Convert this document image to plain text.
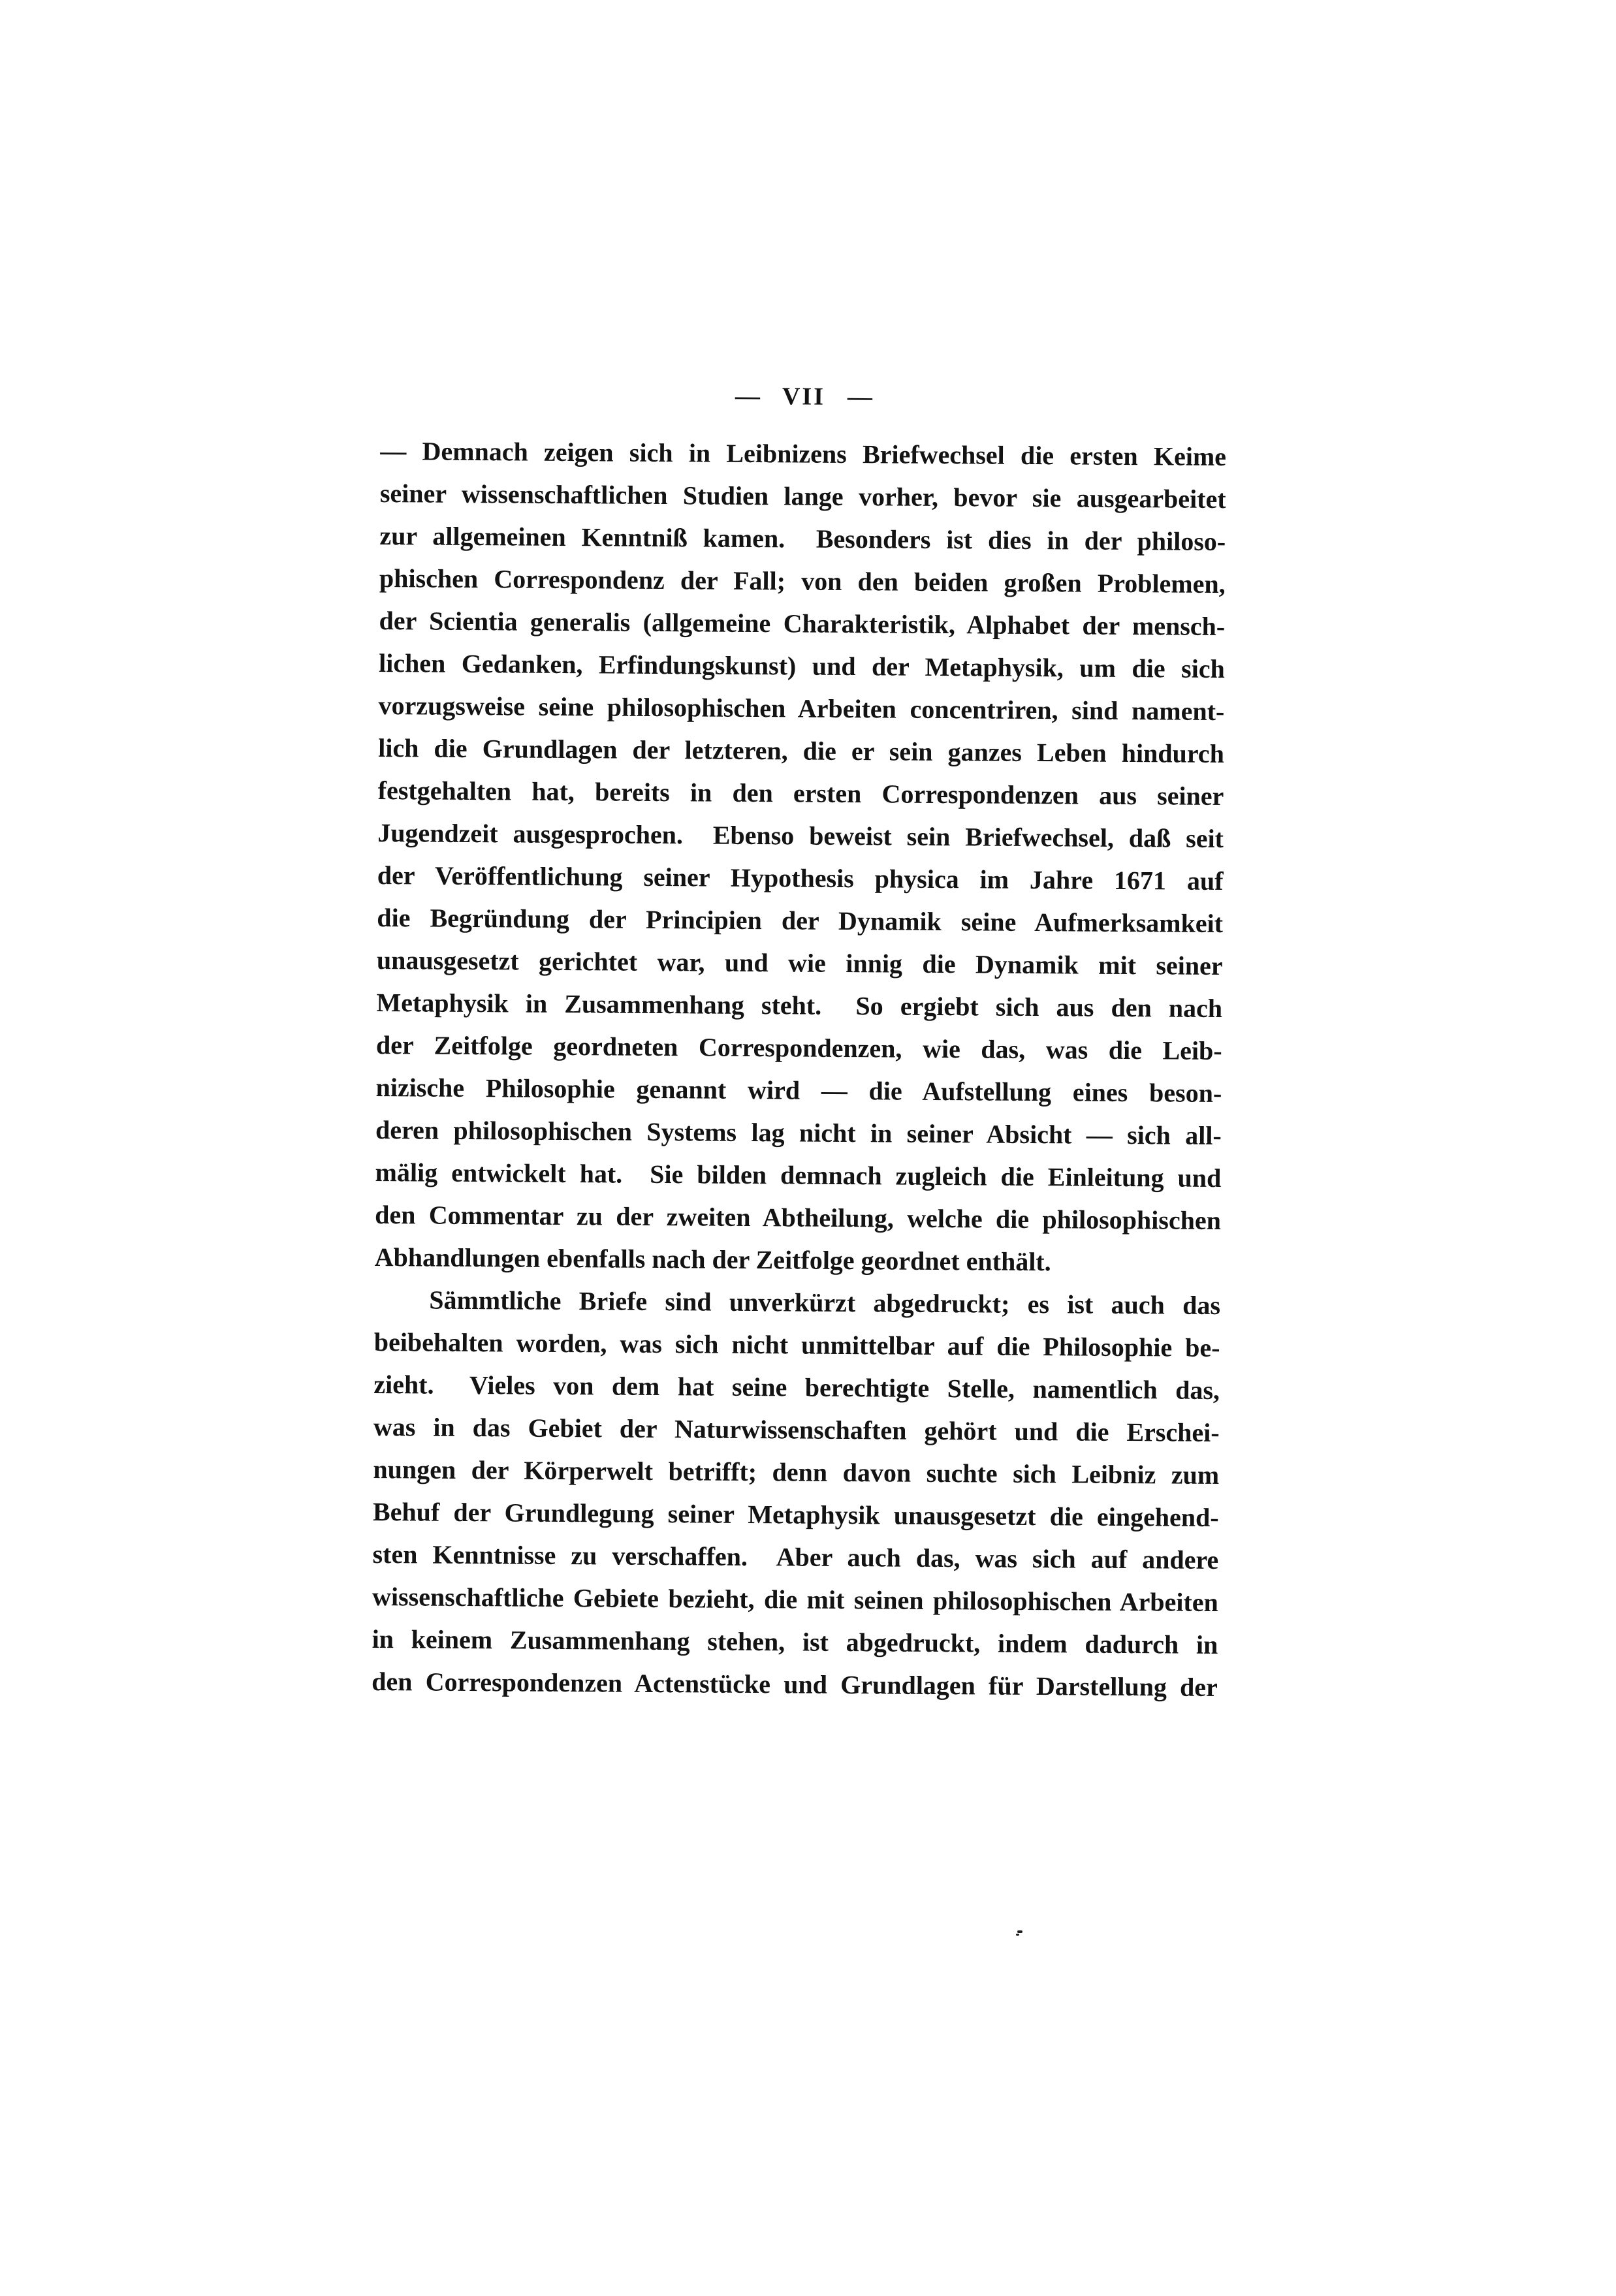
— VII —
— Demnach zeigen sich in Leibnizens Briefwechsel die ersten Keime
seiner wissenschaftlichen Studien lange vorher, bevor sie ausgearbeitet
zur allgemeinen Kenntniß kamen.  Besonders ist dies in der philoso-
phischen Correspondenz der Fall; von den beiden großen Problemen,
der Scientia generalis (allgemeine Charakteristik, Alphabet der mensch-
lichen Gedanken, Erfindungskunst) und der Metaphysik, um die sich
vorzugsweise seine philosophischen Arbeiten concentriren, sind nament-
lich die Grundlagen der letzteren, die er sein ganzes Leben hindurch
festgehalten hat, bereits in den ersten Correspondenzen aus seiner
Jugendzeit ausgesprochen.  Ebenso beweist sein Briefwechsel, daß seit
der Veröffentlichung seiner Hypothesis physica im Jahre 1671 auf
die Begründung der Principien der Dynamik seine Aufmerksamkeit
unausgesetzt gerichtet war, und wie innig die Dynamik mit seiner
Metaphysik in Zusammenhang steht.  So ergiebt sich aus den nach
der Zeitfolge geordneten Correspondenzen, wie das, was die Leib-
nizische Philosophie genannt wird — die Aufstellung eines beson-
deren philosophischen Systems lag nicht in seiner Absicht — sich all-
mälig entwickelt hat.  Sie bilden demnach zugleich die Einleitung und
den Commentar zu der zweiten Abtheilung, welche die philosophischen
Abhandlungen ebenfalls nach der Zeitfolge geordnet enthält.
Sämmtliche Briefe sind unverkürzt abgedruckt; es ist auch das
beibehalten worden, was sich nicht unmittelbar auf die Philosophie be-
zieht.  Vieles von dem hat seine berechtigte Stelle, namentlich das,
was in das Gebiet der Naturwissenschaften gehört und die Erschei-
nungen der Körperwelt betrifft; denn davon suchte sich Leibniz zum
Behuf der Grundlegung seiner Metaphysik unausgesetzt die eingehend-
sten Kenntnisse zu verschaffen.  Aber auch das, was sich auf andere
wissenschaftliche Gebiete bezieht, die mit seinen philosophischen Arbeiten
in keinem Zusammenhang stehen, ist abgedruckt, indem dadurch in
den Correspondenzen Actenstücke und Grundlagen für Darstellung der
